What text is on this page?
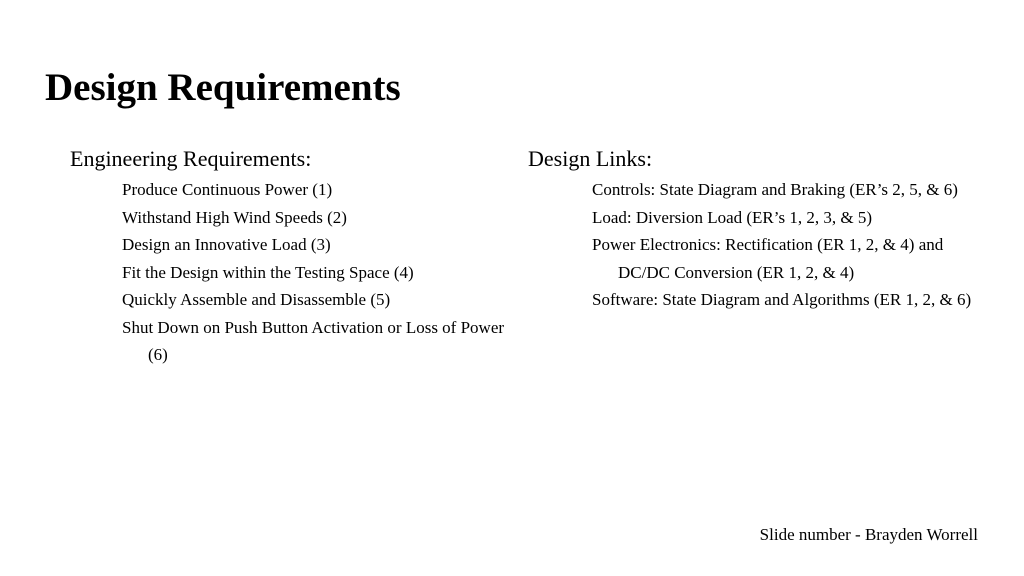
Design Requirements
Engineering Requirements:
Produce Continuous Power (1)
Withstand High Wind Speeds (2)
Design an Innovative Load (3)
Fit the Design within the Testing Space (4)
Quickly Assemble and Disassemble (5)
Shut Down on Push Button Activation or Loss of Power (6)
Design Links:
Controls: State Diagram and Braking (ER’s 2, 5, & 6)
Load: Diversion Load (ER’s 1, 2, 3, & 5)
Power Electronics: Rectification (ER 1, 2, & 4) and DC/DC Conversion (ER 1, 2, & 4)
Software: State Diagram and Algorithms (ER 1, 2, & 6)
Slide number - Brayden Worrell
